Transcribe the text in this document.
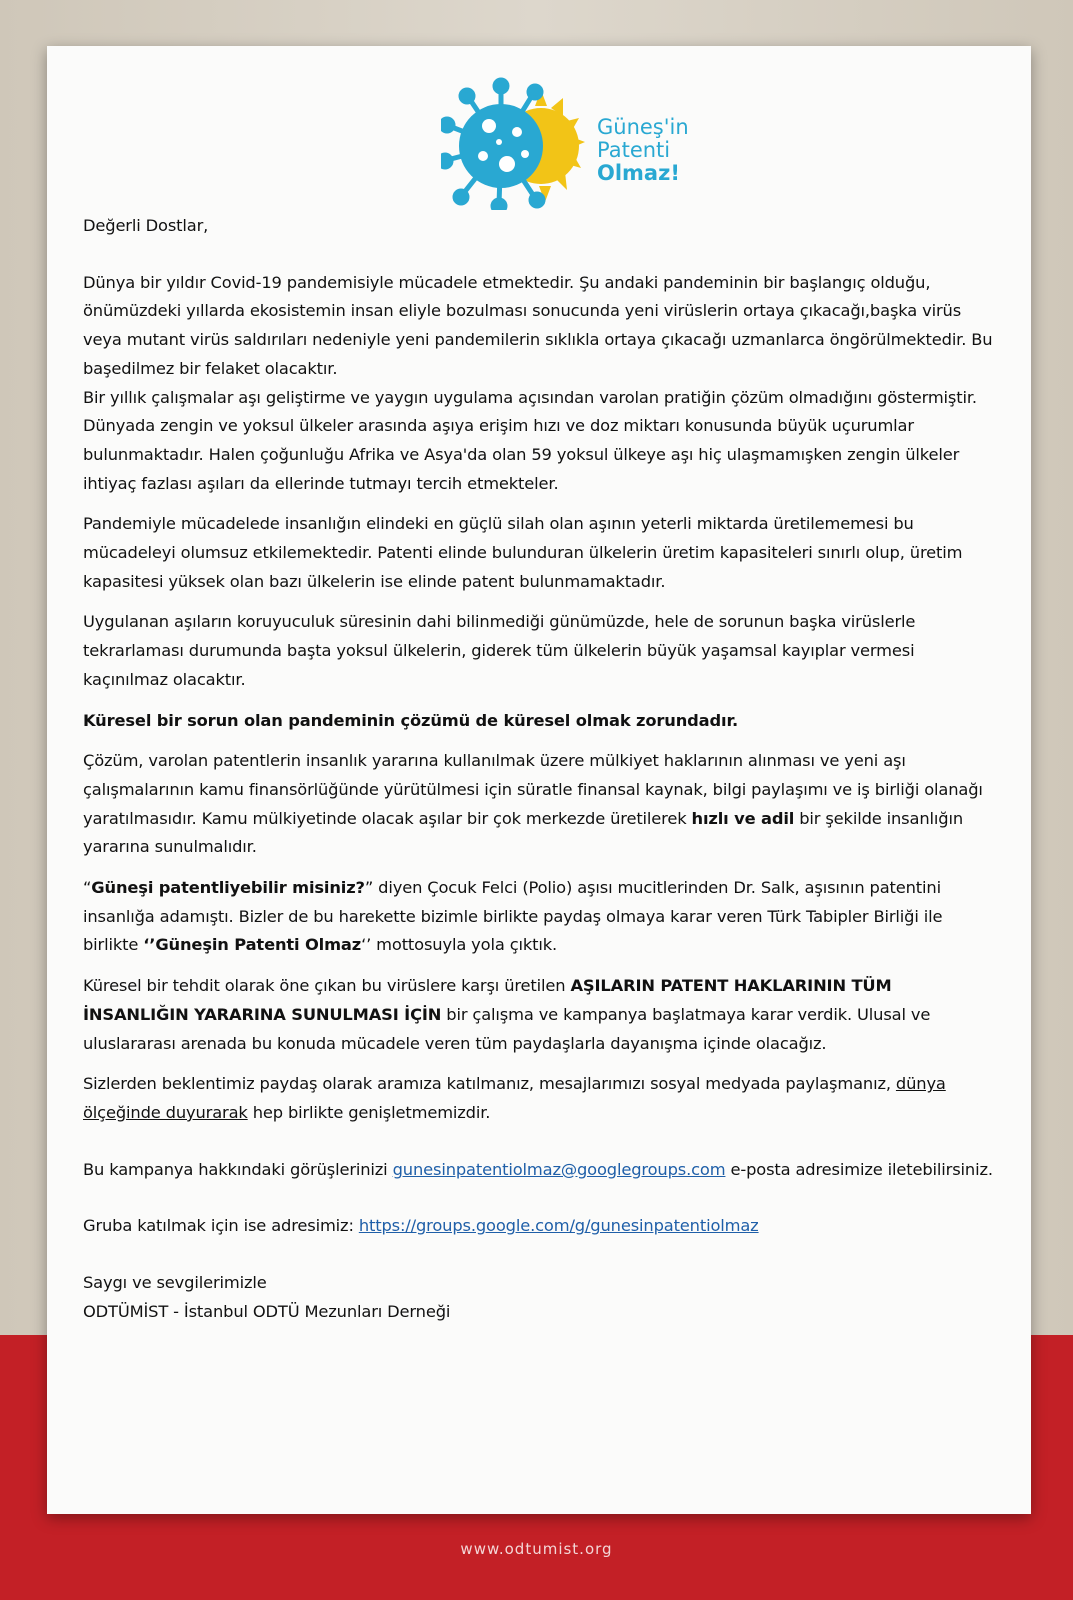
Güneş'in
Patenti
Olmaz!

Değerli Dostlar,

Dünya bir yıldır Covid-19 pandemisiyle mücadele etmektedir. Şu andaki pandeminin bir başlangıç olduğu, önümüzdeki yıllarda ekosistemin insan eliyle bozulması sonucunda yeni virüslerin ortaya çıkacağı,başka virüs veya mutant virüs saldırıları nedeniyle yeni pandemilerin sıklıkla ortaya çıkacağı uzmanlarca öngörülmektedir. Bu başedilmez bir felaket olacaktır.

Bir yıllık çalışmalar aşı geliştirme ve yaygın uygulama açısından varolan pratiğin çözüm olmadığını göstermiştir. Dünyada zengin ve yoksul ülkeler arasında aşıya erişim hızı ve doz miktarı konusunda büyük uçurumlar bulunmaktadır. Halen çoğunluğu Afrika ve Asya'da olan 59 yoksul ülkeye aşı hiç ulaşmamışken zengin ülkeler ihtiyaç fazlası aşıları da ellerinde tutmayı tercih etmekteler.

Pandemiyle mücadelede insanlığın elindeki en güçlü silah olan aşının yeterli miktarda üretilememesi bu mücadeleyi olumsuz etkilemektedir. Patenti elinde bulunduran ülkelerin üretim kapasiteleri sınırlı olup, üretim kapasitesi yüksek olan bazı ülkelerin ise elinde patent bulunmamaktadır.

Uygulanan aşıların koruyuculuk süresinin dahi bilinmediği günümüzde, hele de sorunun başka virüslerle tekrarlaması durumunda başta yoksul ülkelerin, giderek tüm ülkelerin büyük yaşamsal kayıplar vermesi kaçınılmaz olacaktır.

Küresel bir sorun olan pandeminin çözümü de küresel olmak zorundadır.

Çözüm, varolan patentlerin insanlık yararına kullanılmak üzere mülkiyet haklarının alınması ve yeni aşı çalışmalarının kamu finansörlüğünde yürütülmesi için süratle finansal kaynak, bilgi paylaşımı ve iş birliği olanağı yaratılmasıdır. Kamu mülkiyetinde olacak aşılar bir çok merkezde üretilerek hızlı ve adil bir şekilde insanlığın yararına sunulmalıdır.

“Güneşi patentliyebilir misiniz?” diyen Çocuk Felci (Polio) aşısı mucitlerinden Dr. Salk, aşısının patentini insanlığa adamıştı. Bizler de bu harekette bizimle birlikte paydaş olmaya karar veren Türk Tabipler Birliği ile birlikte ‘’Güneşin Patenti Olmaz‘’ mottosuyla yola çıktık.

Küresel bir tehdit olarak öne çıkan bu virüslere karşı üretilen AŞILARIN PATENT HAKLARININ TÜM İNSANLIĞIN YARARINA SUNULMASI İÇİN bir çalışma ve kampanya başlatmaya karar verdik. Ulusal ve uluslararası arenada bu konuda mücadele veren tüm paydaşlarla dayanışma içinde olacağız.

Sizlerden beklentimiz paydaş olarak aramıza katılmanız, mesajlarımızı sosyal medyada paylaşmanız, dünya ölçeğinde duyurarak hep birlikte genişletmemizdir.

Bu kampanya hakkındaki görüşlerinizi gunesinpatentiolmaz@googlegroups.com e-posta adresimize iletebilirsiniz.

Gruba katılmak için ise adresimiz: https://groups.google.com/g/gunesinpatentiolmaz

Saygı ve sevgilerimizle

ODTÜMİST - İstanbul ODTÜ Mezunları Derneği

www.odtumist.org
